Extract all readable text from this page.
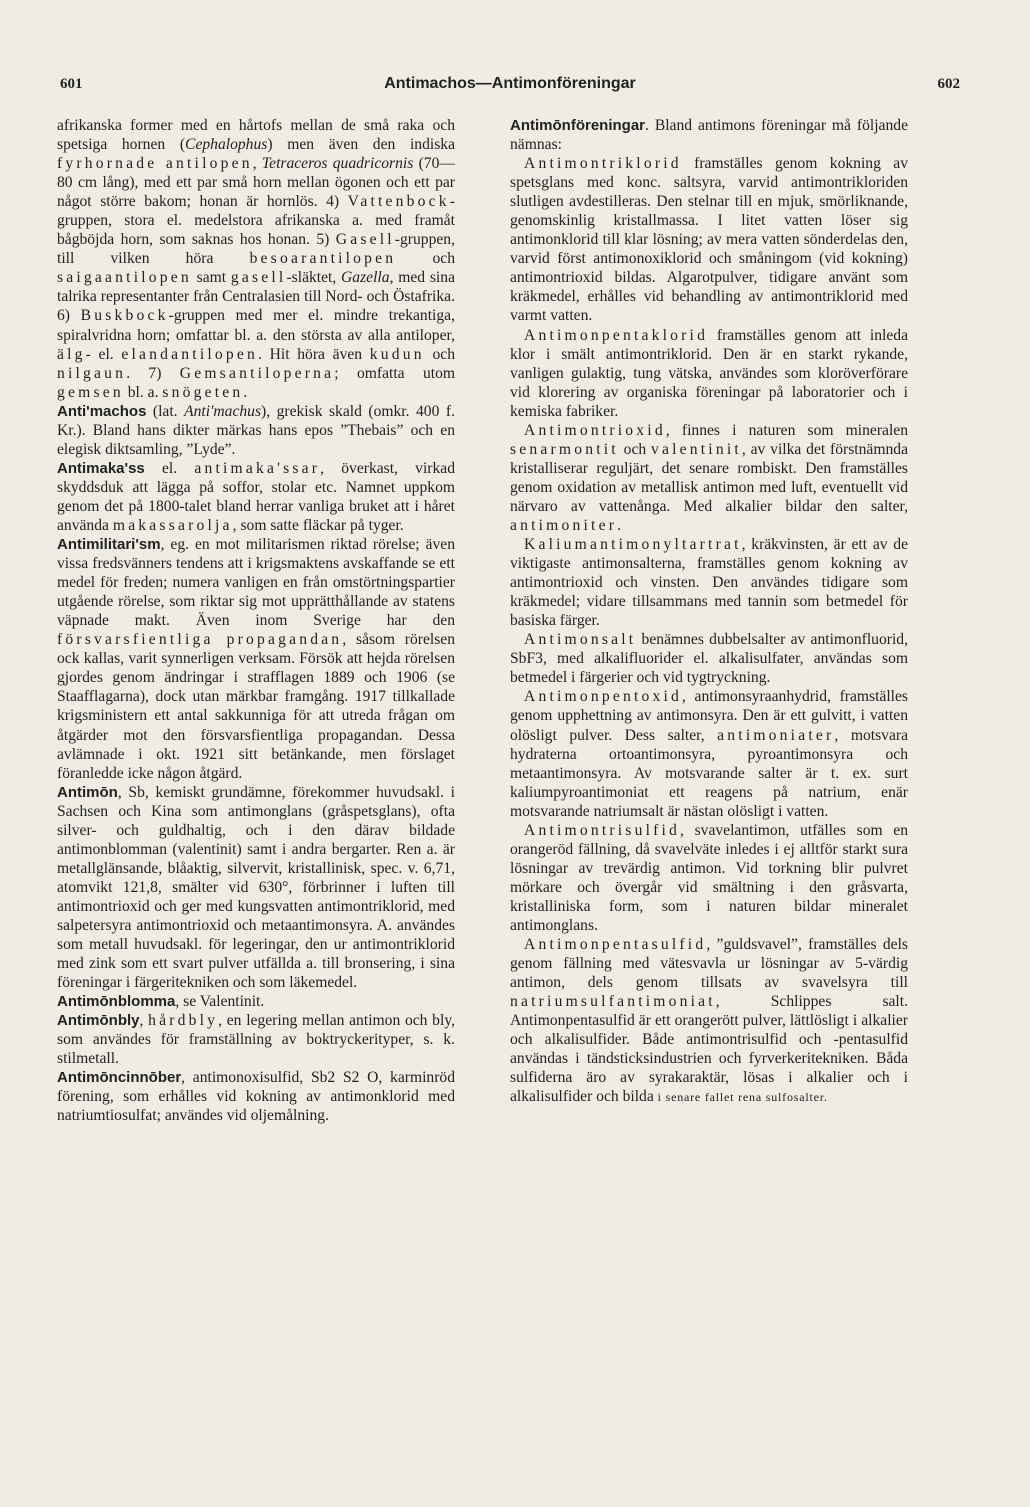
601	Antimachos—Antimonföreningar	602

afrikanska former med en hårtofs mellan de små raka och spetsiga hornen (Cephalophus) men även den indiska fyrhornade antilopen, Tetraceros quadricornis (70—80 cm lång), med ett par små horn mellan ögonen och ett par något större bakom; honan är hornlös. 4) Vattenbock-gruppen, stora el. medelstora afrikanska a. med framåt bågböjda horn, som saknas hos honan. 5) Gasell-gruppen, till vilken höra besoarantilopen och saigaantilopen samt gasell-släktet, Gazella, med sina talrika representanter från Centralasien till Nord- och Östafrika. 6) Buskbock-gruppen med mer el. mindre trekantiga, spiralvridna horn; omfattar bl. a. den största av alla antiloper, älg- el. elandantilopen. Hit höra även kudun och nilgaun. 7) Gemsantiloperna; omfatta utom gemsen bl. a. snögeten.

Anti'machos (lat. Anti'machus), grekisk skald (omkr. 400 f. Kr.). Bland hans dikter märkas hans epos ”Thebais” och en elegisk diktsamling, ”Lyde”.

Antimaka'ss el. antimaka'ssar, överkast, virkad skyddsduk att lägga på soffor, stolar etc. Namnet uppkom genom det på 1800-talet bland herrar vanliga bruket att i håret använda makassarolja, som satte fläckar på tyger.

Antimilitari'sm, eg. en mot militarismen riktad rörelse; även vissa fredsvänners tendens att i krigsmaktens avskaffande se ett medel för freden; numera vanligen en från omstörtningspartier utgående rörelse, som riktar sig mot upprätthållande av statens väpnade makt. Även inom Sverige har den försvarsfientliga propagandan, såsom rörelsen ock kallas, varit synnerligen verksam. Försök att hejda rörelsen gjordes genom ändringar i strafflagen 1889 och 1906 (se Staafflagarna), dock utan märkbar framgång. 1917 tillkallade krigsministern ett antal sakkunniga för att utreda frågan om åtgärder mot den försvarsfientliga propagandan. Dessa avlämnade i okt. 1921 sitt betänkande, men förslaget föranledde icke någon åtgärd.

Antimōn, Sb, kemiskt grundämne, förekommer huvudsakl. i Sachsen och Kina som antimonglans (gråspetsglans), ofta silver- och guldhaltig, och i den därav bildade antimonblomman (valentinit) samt i andra bergarter. Ren a. är metallglänsande, blåaktig, silvervit, kristallinisk, spec. v. 6,71, atomvikt 121,8, smälter vid 630°, förbrinner i luften till antimontrioxid och ger med kungsvatten antimontriklorid, med salpetersyra antimontrioxid och metaantimonsyra. A. användes som metall huvudsakl. för legeringar, den ur antimontriklorid med zink som ett svart pulver utfällda a. till bronsering, i sina föreningar i färgeritekniken och som läkemedel.

Antimōnblomma, se Valentinit.

Antimōnbly, hårdbly, en legering mellan antimon och bly, som användes för framställning av boktryckerityper, s. k. stilmetall.

Antimōncinnōber, antimonoxisulfid, Sb2 S2 O, karminröd förening, som erhålles vid kokning av antimonklorid med natriumtiosulfat; användes vid oljemålning.

Antimōnföreningar. Bland antimons föreningar må följande nämnas:

Antimontriklorid framställes genom kokning av spetsglans med konc. saltsyra, varvid antimontrikloriden slutligen avdestilleras. Den stelnar till en mjuk, smörliknande, genomskinlig kristallmassa. I litet vatten löser sig antimonklorid till klar lösning; av mera vatten sönderdelas den, varvid först antimonoxiklorid och småningom (vid kokning) antimontrioxid bildas. Algarotpulver, tidigare använt som kräkmedel, erhålles vid behandling av antimontriklorid med varmt vatten.

Antimonpentaklorid framställes genom att inleda klor i smält antimontriklorid. Den är en starkt rykande, vanligen gulaktig, tung vätska, användes som kloröverförare vid klorering av organiska föreningar på laboratorier och i kemiska fabriker.

Antimontrioxid, finnes i naturen som mineralen senarmontit och valentinit, av vilka det förstnämnda kristalliserar reguljärt, det senare rombiskt. Den framställes genom oxidation av metallisk antimon med luft, eventuellt vid närvaro av vattenånga. Med alkalier bildar den salter, antimoniter.

Kaliumantimonyltartrat, kräkvinsten, är ett av de viktigaste antimonsalterna, framställes genom kokning av antimontrioxid och vinsten. Den användes tidigare som kräkmedel; vidare tillsammans med tannin som betmedel för basiska färger.

Antimonsalt benämnes dubbelsalter av antimonfluorid, SbF3, med alkalifluorider el. alkalisulfater, användas som betmedel i färgerier och vid tygtryckning.

Antimonpentoxid, antimonsyraanhydrid, framställes genom upphettning av antimonsyra. Den är ett gulvitt, i vatten olösligt pulver. Dess salter, antimoniater, motsvara hydraterna ortoantimonsyra, pyroantimonsyra och metaantimonsyra. Av motsvarande salter är t. ex. surt kaliumpyroantimoniat ett reagens på natrium, enär motsvarande natriumsalt är nästan olösligt i vatten.

Antimontrisulfid, svavelantimon, utfälles som en orangeröd fällning, då svavelväte inledes i ej alltför starkt sura lösningar av trevärdig antimon. Vid torkning blir pulvret mörkare och övergår vid smältning i den gråsvarta, kristalliniska form, som i naturen bildar mineralet antimonglans.

Antimonpentasulfid, ”guldsvavel”, framställes dels genom fällning med vätesvavla ur lösningar av 5-värdig antimon, dels genom tillsats av svavelsyra till natriumsulfantimoniat, Schlippes salt. Antimonpentasulfid är ett orangerött pulver, lättlösligt i alkalier och alkalisulfider. Både antimontrisulfid och -pentasulfid användas i tändsticksindustrien och fyrverkeritekniken. Båda sulfiderna äro av syrakaraktär, lösas i alkalier och i alkalisulfider och bilda i senare fallet rena sulfosalter.
